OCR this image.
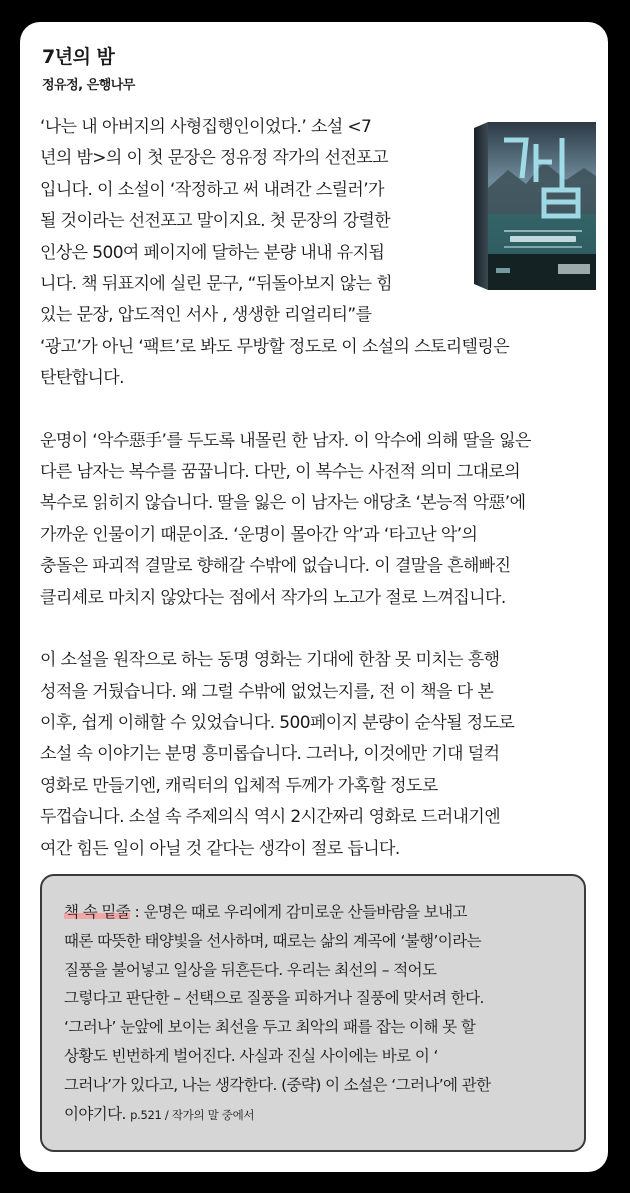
7년의 밤
정유정, 은행나무

‘나는 내 아버지의 사형집행인이었다.’ 소설 <7

년의 밤>의 이 첫 문장은 정유정 작가의 선전포고

입니다. 이 소설이 ‘작정하고 써 내려간 스릴러’가

될 것이라는 선전포고 말이지요. 첫 문장의 강렬한

인상은 500여 페이지에 달하는 분량 내내 유지됩

니다. 책 뒤표지에 실린 문구, “뒤돌아보지 않는 힘

있는 문장, 압도적인 서사 , 생생한 리얼리티”를

‘광고’가 아닌 ‘팩트’로 봐도 무방할 정도로 이 소설의 스토리텔링은

탄탄합니다.

운명이 ‘악수惡手’를 두도록 내몰린 한 남자. 이 악수에 의해 딸을 잃은

다른 남자는 복수를 꿈꿉니다. 다만, 이 복수는 사전적 의미 그대로의

복수로 읽히지 않습니다. 딸을 잃은 이 남자는 애당초 ‘본능적 악惡’에

가까운 인물이기 때문이죠. ‘운명이 몰아간 악’과 ‘타고난 악’의

충돌은 파괴적 결말로 향해갈 수밖에 없습니다. 이 결말을 흔해빠진

클리셰로 마치지 않았다는 점에서 작가의 노고가 절로 느껴집니다.

이 소설을 원작으로 하는 동명 영화는 기대에 한참 못 미치는 흥행

성적을 거뒀습니다. 왜 그럴 수밖에 없었는지를, 전 이 책을 다 본

이후, 쉽게 이해할 수 있었습니다. 500페이지 분량이 순삭될 정도로

소설 속 이야기는 분명 흥미롭습니다. 그러나, 이것에만 기대 덜컥

영화로 만들기엔, 캐릭터의 입체적 두께가 가혹할 정도로

두껍습니다. 소설 속 주제의식 역시 2시간짜리 영화로 드러내기엔

여간 힘든 일이 아닐 것 같다는 생각이 절로 듭니다.

책 속 밑줄 : 운명은 때로 우리에게 감미로운 산들바람을 보내고

때론 따뜻한 태양빛을 선사하며, 때로는 삶의 계곡에 ‘불행’이라는

질풍을 불어넣고 일상을 뒤흔든다. 우리는 최선의 – 적어도

그렇다고 판단한 – 선택으로 질풍을 피하거나 질풍에 맞서려 한다.

‘그러나’ 눈앞에 보이는 최선을 두고 최악의 패를 잡는 이해 못 할

상황도 빈번하게 벌어진다. 사실과 진실 사이에는 바로 이 ‘

그러나’가 있다고, 나는 생각한다. (중략) 이 소설은 ‘그러나’에 관한

이야기다. p.521 / 작가의 말 중에서
